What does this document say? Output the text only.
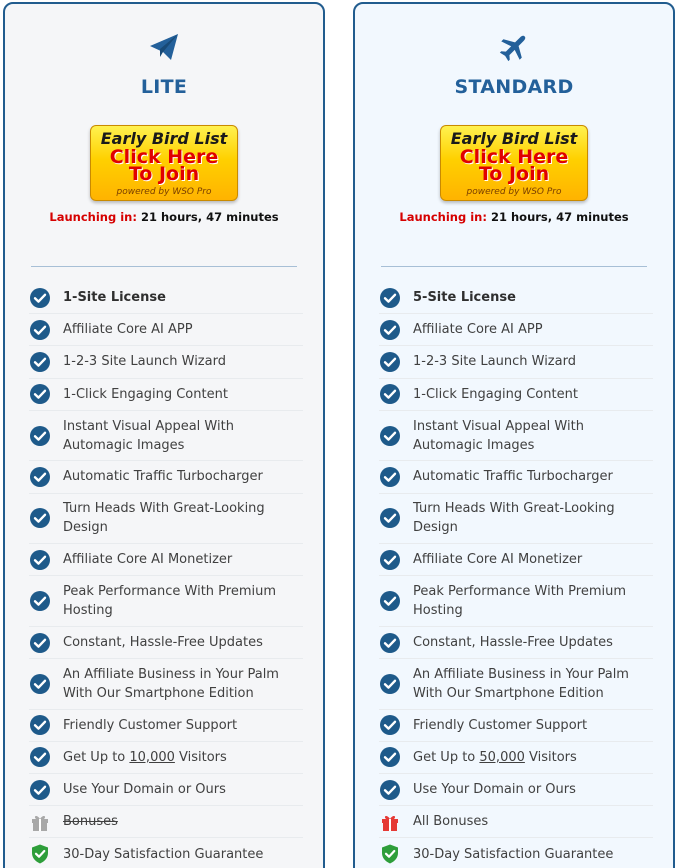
LITE
Early Bird List
Click Here
To Join
powered by WSO Pro
Launching in: 21 hours, 47 minutes
1-Site License
Affiliate Core AI APP
1-2-3 Site Launch Wizard
1-Click Engaging Content
Instant Visual Appeal With Automagic Images
Automatic Traffic Turbocharger
Turn Heads With Great-Looking Design
Affiliate Core AI Monetizer
Peak Performance With Premium Hosting
Constant, Hassle-Free Updates
An Affiliate Business in Your Palm With Our Smartphone Edition
Friendly Customer Support
Get Up to 10,000 Visitors
Use Your Domain or Ours
Bonuses
30-Day Satisfaction Guarantee
STANDARD
Early Bird List
Click Here
To Join
powered by WSO Pro
Launching in: 21 hours, 47 minutes
5-Site License
Affiliate Core AI APP
1-2-3 Site Launch Wizard
1-Click Engaging Content
Instant Visual Appeal With Automagic Images
Automatic Traffic Turbocharger
Turn Heads With Great-Looking Design
Affiliate Core AI Monetizer
Peak Performance With Premium Hosting
Constant, Hassle-Free Updates
An Affiliate Business in Your Palm With Our Smartphone Edition
Friendly Customer Support
Get Up to 50,000 Visitors
Use Your Domain or Ours
All Bonuses
30-Day Satisfaction Guarantee
